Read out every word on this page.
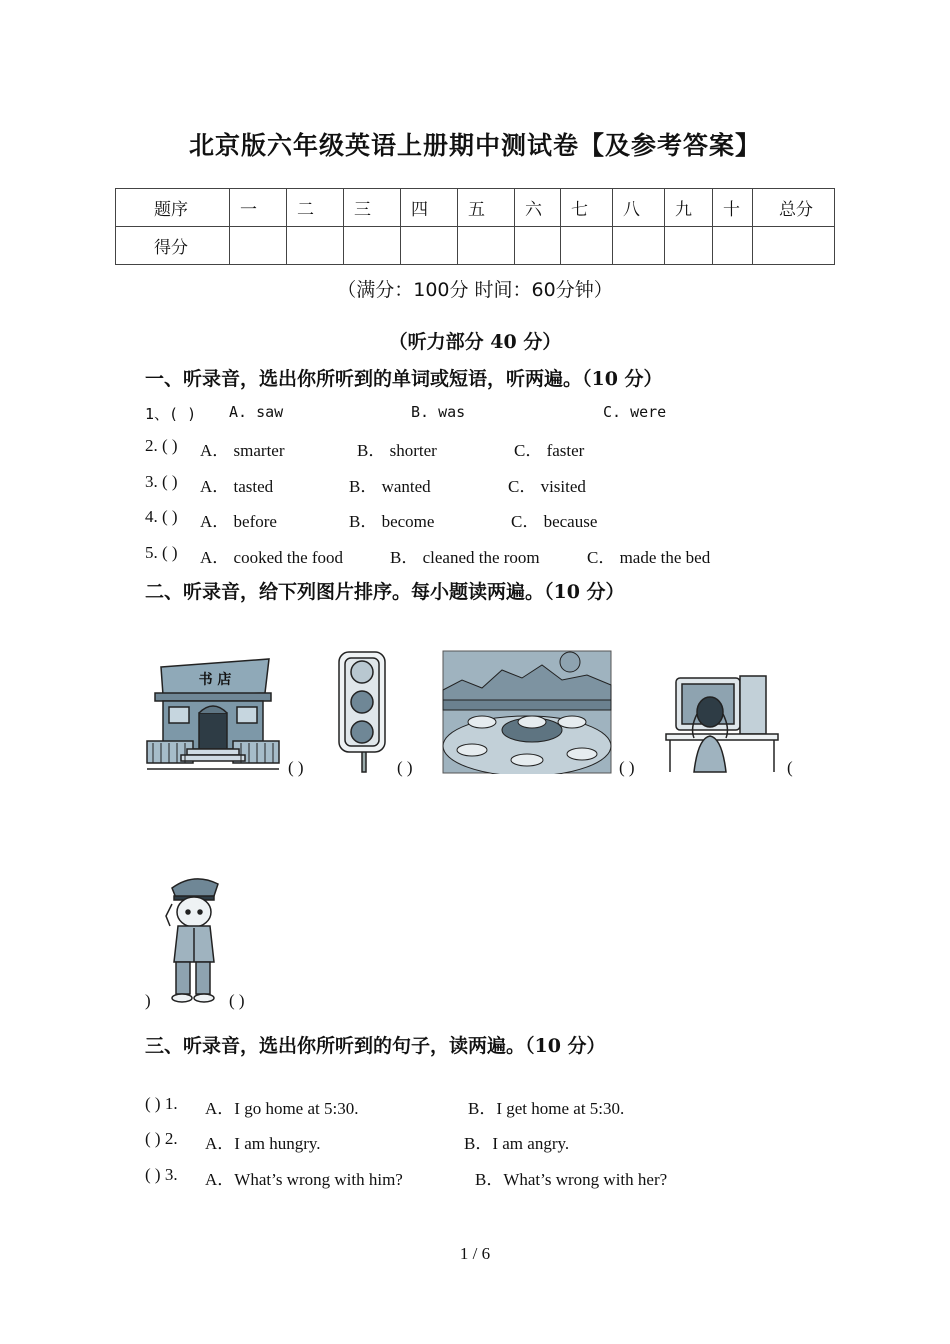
北京版六年级英语上册期中测试卷【及参考答案】
题序	一	二	三	四	五	六	七	八	九	十	总分
得分											
（满分：100分 时间：60分钟）
（听力部分 40 分）
一、听录音，选出你所听到的单词或短语，听两遍。（10 分）
1、( ) A. saw	B. was	C. were
2. ( ) A． smarter	B． shorter	C． faster
3. ( ) A． tasted	B． wanted	C． visited
4. ( ) A． before	B． become	C． because
5. ( ) A． cooked the food	B． cleaned the room	C． made the bed
二、听录音，给下列图片排序。每小题读两遍。（10 分）
书 店
( )	( )	( )	(
)	( )
三、听录音，选出你所听到的句子，读两遍。（10 分）
( ) 1. A．I go home at 5:30.	B．I get home at 5:30.
( ) 2. A．I am hungry.	B．I am angry.
( ) 3. A．What’s wrong with him?	B．What’s wrong with her?
1 / 6
